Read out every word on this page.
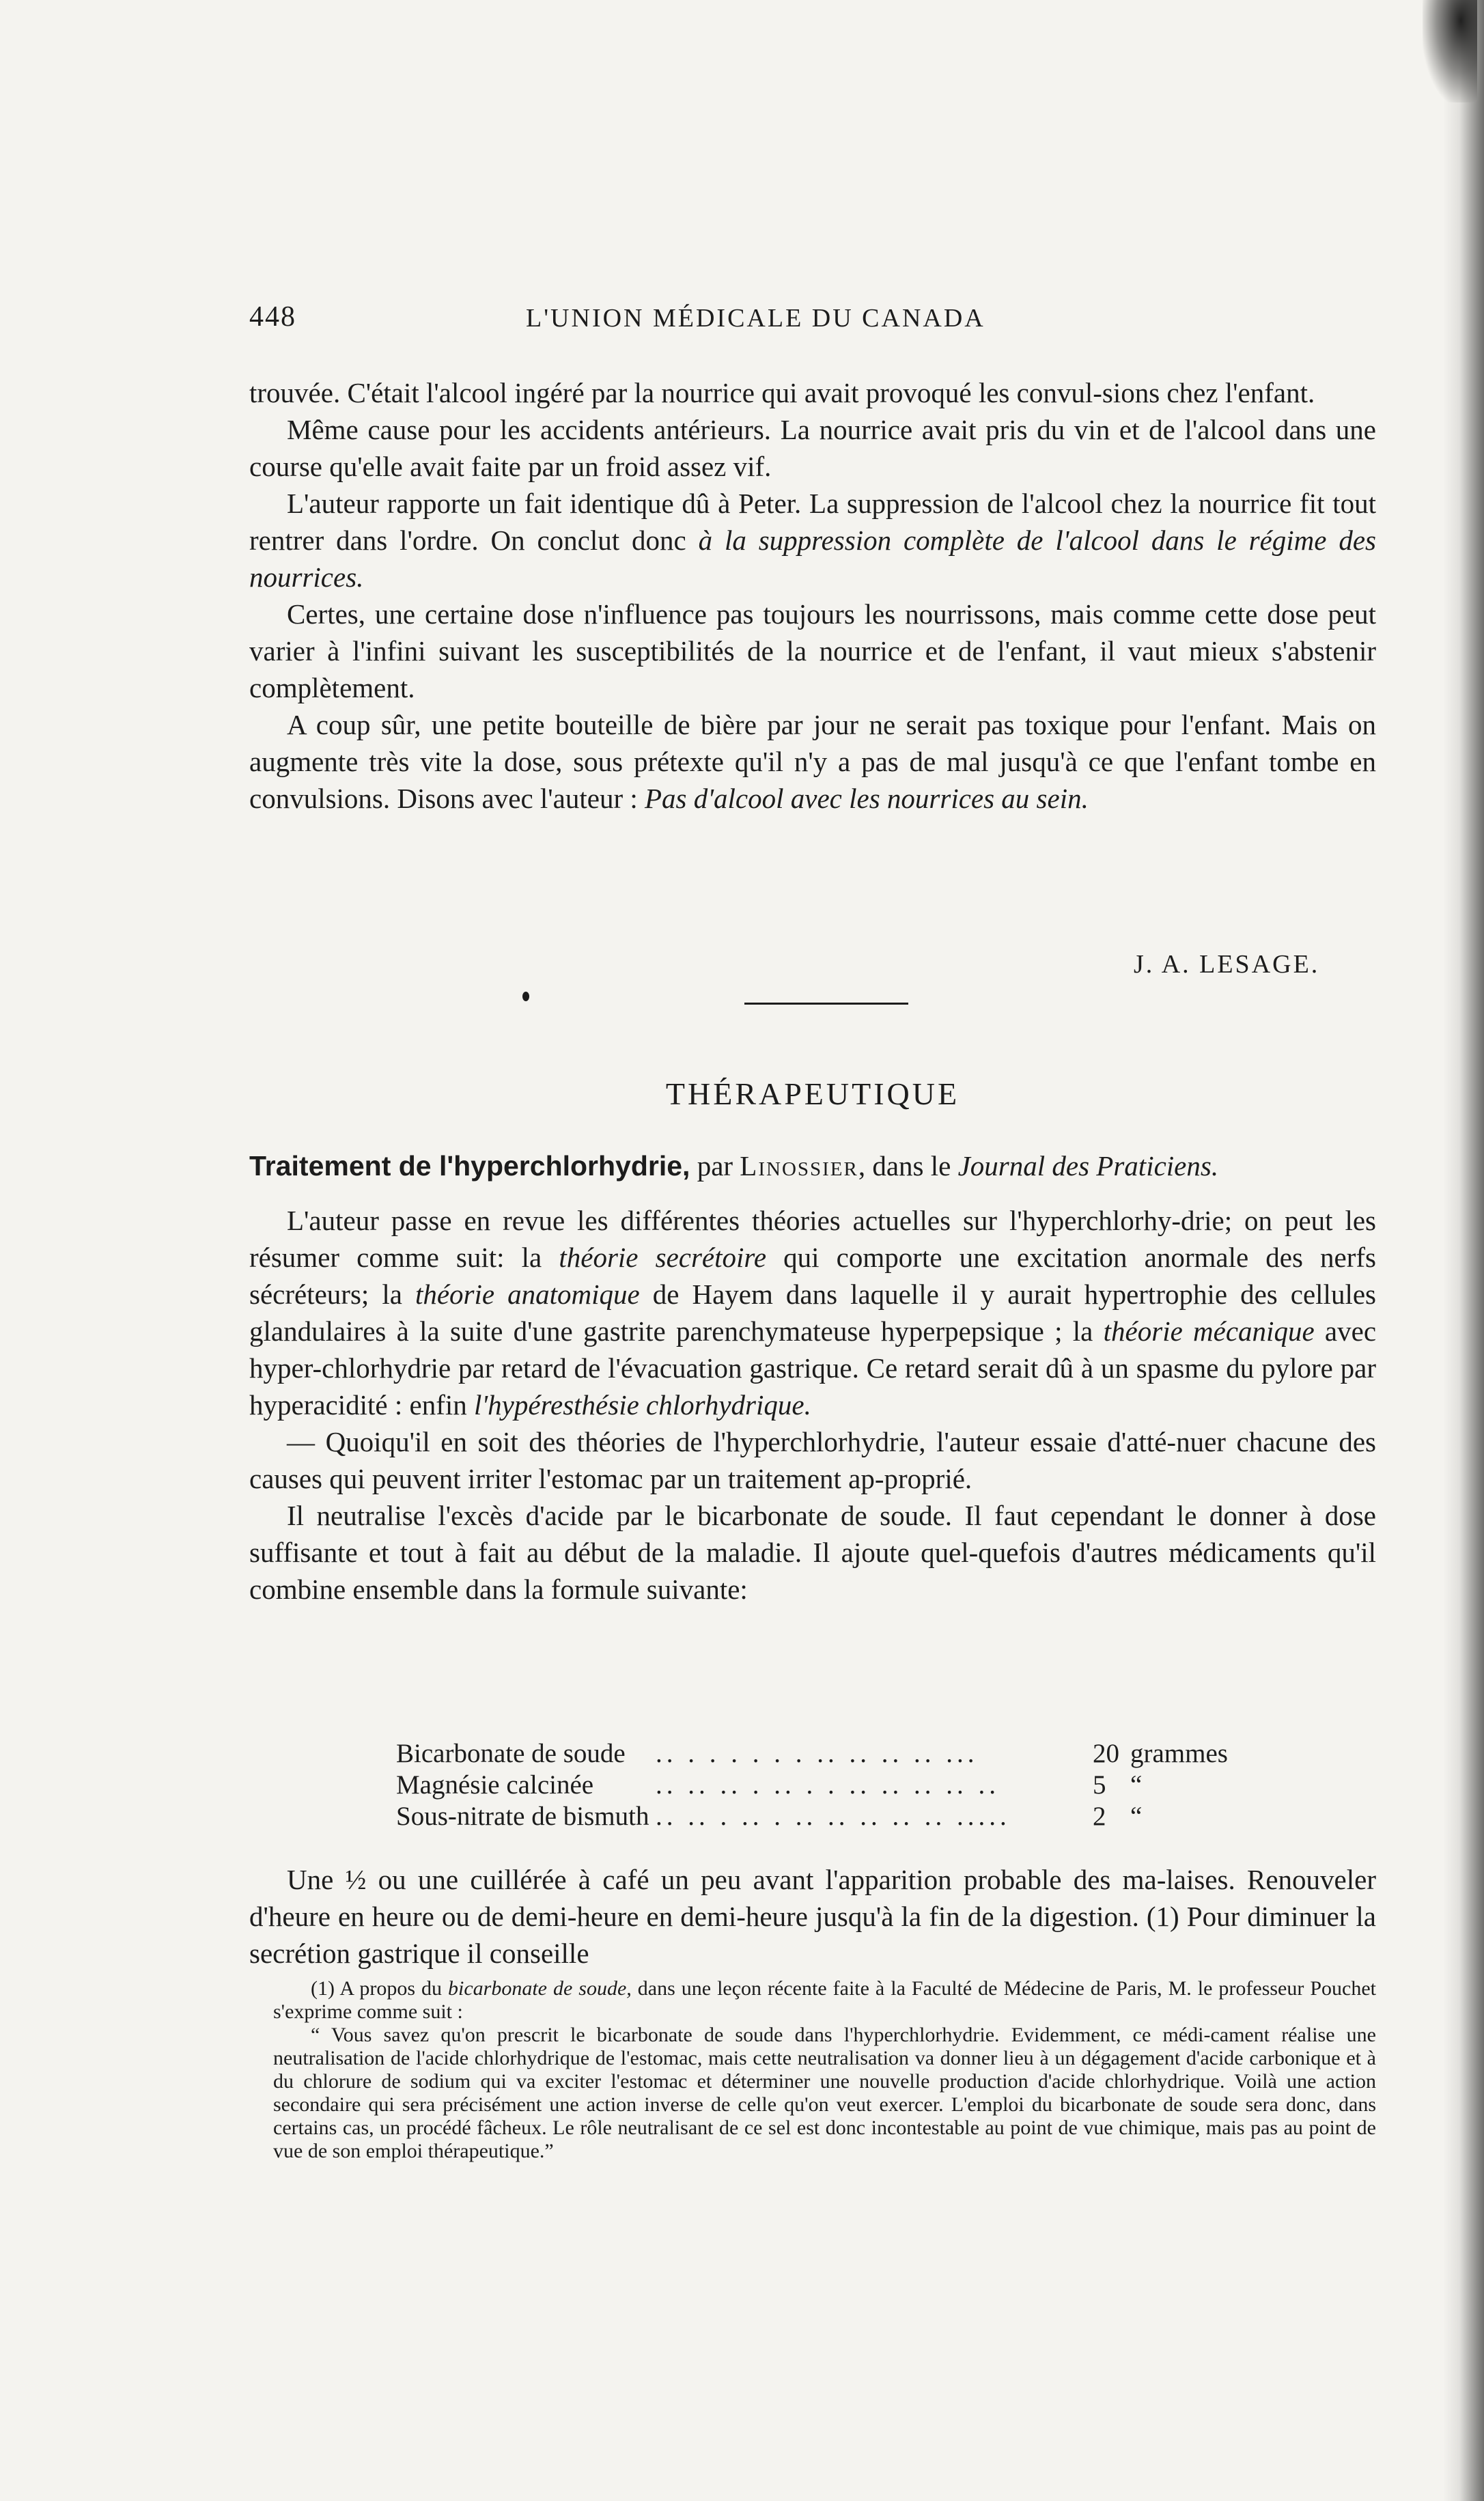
448	L'UNION MÉDICALE DU CANADA

trouvée. C'était l'alcool ingéré par la nourrice qui avait provoqué les convul-sions chez l'enfant.

Même cause pour les accidents antérieurs. La nourrice avait pris du vin et de l'alcool dans une course qu'elle avait faite par un froid assez vif.

L'auteur rapporte un fait identique dû à Peter. La suppression de l'alcool chez la nourrice fit tout rentrer dans l'ordre. On conclut donc à la suppression complète de l'alcool dans le régime des nourrices.

Certes, une certaine dose n'influence pas toujours les nourrissons, mais comme cette dose peut varier à l'infini suivant les susceptibilités de la nourrice et de l'enfant, il vaut mieux s'abstenir complètement.

A coup sûr, une petite bouteille de bière par jour ne serait pas toxique pour l'enfant. Mais on augmente très vite la dose, sous prétexte qu'il n'y a pas de mal jusqu'à ce que l'enfant tombe en convulsions. Disons avec l'auteur : Pas d'alcool avec les nourrices au sein.

J. A. LESAGE.
THÉRAPEUTIQUE
Traitement de l'hyperchlorhydrie, par Linossier, dans le Journal des Praticiens.

L'auteur passe en revue les différentes théories actuelles sur l'hyperchlorhy-drie; on peut les résumer comme suit: la théorie secrétoire qui comporte une excitation anormale des nerfs sécréteurs; la théorie anatomique de Hayem dans laquelle il y aurait hypertrophie des cellules glandulaires à la suite d'une gastrite parenchymateuse hyperpepsique ; la théorie mécanique avec hyper-chlorhydrie par retard de l'évacuation gastrique. Ce retard serait dû à un spasme du pylore par hyperacidité : enfin l'hypéresthésie chlorhydrique.

— Quoiqu'il en soit des théories de l'hyperchlorhydrie, l'auteur essaie d'atté-nuer chacune des causes qui peuvent irriter l'estomac par un traitement ap-proprié.

Il neutralise l'excès d'acide par le bicarbonate de soude. Il faut cependant le donner à dose suffisante et tout à fait au début de la maladie. Il ajoute quel-quefois d'autres médicaments qu'il combine ensemble dans la formule suivante:

Bicarbonate de soude .. . . . . . . .. .. .. .. ...	20 grammes
Magnésie calcinée .. .. .. . .. . . .. .. .. .. ..	5 “
Sous-nitrate de bismuth .. .. . .. . .. .. .. .. .. .....	2 “

Une ½ ou une cuillérée à café un peu avant l'apparition probable des ma-laises. Renouveler d'heure en heure ou de demi-heure en demi-heure jusqu'à la fin de la digestion. (1) Pour diminuer la secrétion gastrique il conseille

(1) A propos du bicarbonate de soude, dans une leçon récente faite à la Faculté de Médecine de Paris, M. le professeur Pouchet s'exprime comme suit :

“ Vous savez qu'on prescrit le bicarbonate de soude dans l'hyperchlorhydrie. Evidemment, ce médi-cament réalise une neutralisation de l'acide chlorhydrique de l'estomac, mais cette neutralisation va donner lieu à un dégagement d'acide carbonique et à du chlorure de sodium qui va exciter l'estomac et déterminer une nouvelle production d'acide chlorhydrique. Voilà une action secondaire qui sera précisément une action inverse de celle qu'on veut exercer. L'emploi du bicarbonate de soude sera donc, dans certains cas, un procédé fâcheux. Le rôle neutralisant de ce sel est donc incontestable au point de vue chimique, mais pas au point de vue de son emploi thérapeutique.”
